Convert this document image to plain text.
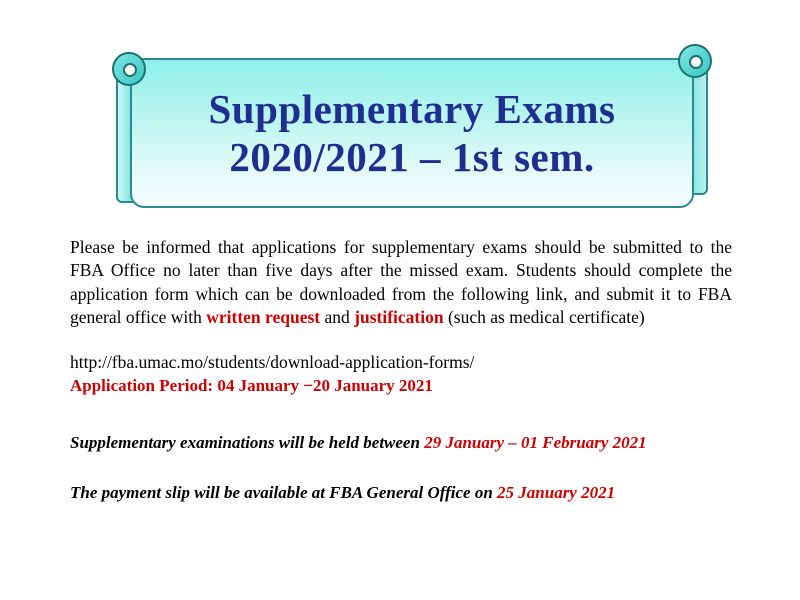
Supplementary Exams
2020/2021 – 1st sem.

Please be informed that applications for supplementary exams should be submitted to the FBA Office no later than five days after the missed exam. Students should complete the application form which can be downloaded from the following link, and submit it to FBA general office with written request and justification (such as medical certificate)

http://fba.umac.mo/students/download-application-forms/
Application Period: 04 January −20 January 2021

Supplementary examinations will be held between 29 January – 01 February 2021

The payment slip will be available at FBA General Office on 25 January 2021
